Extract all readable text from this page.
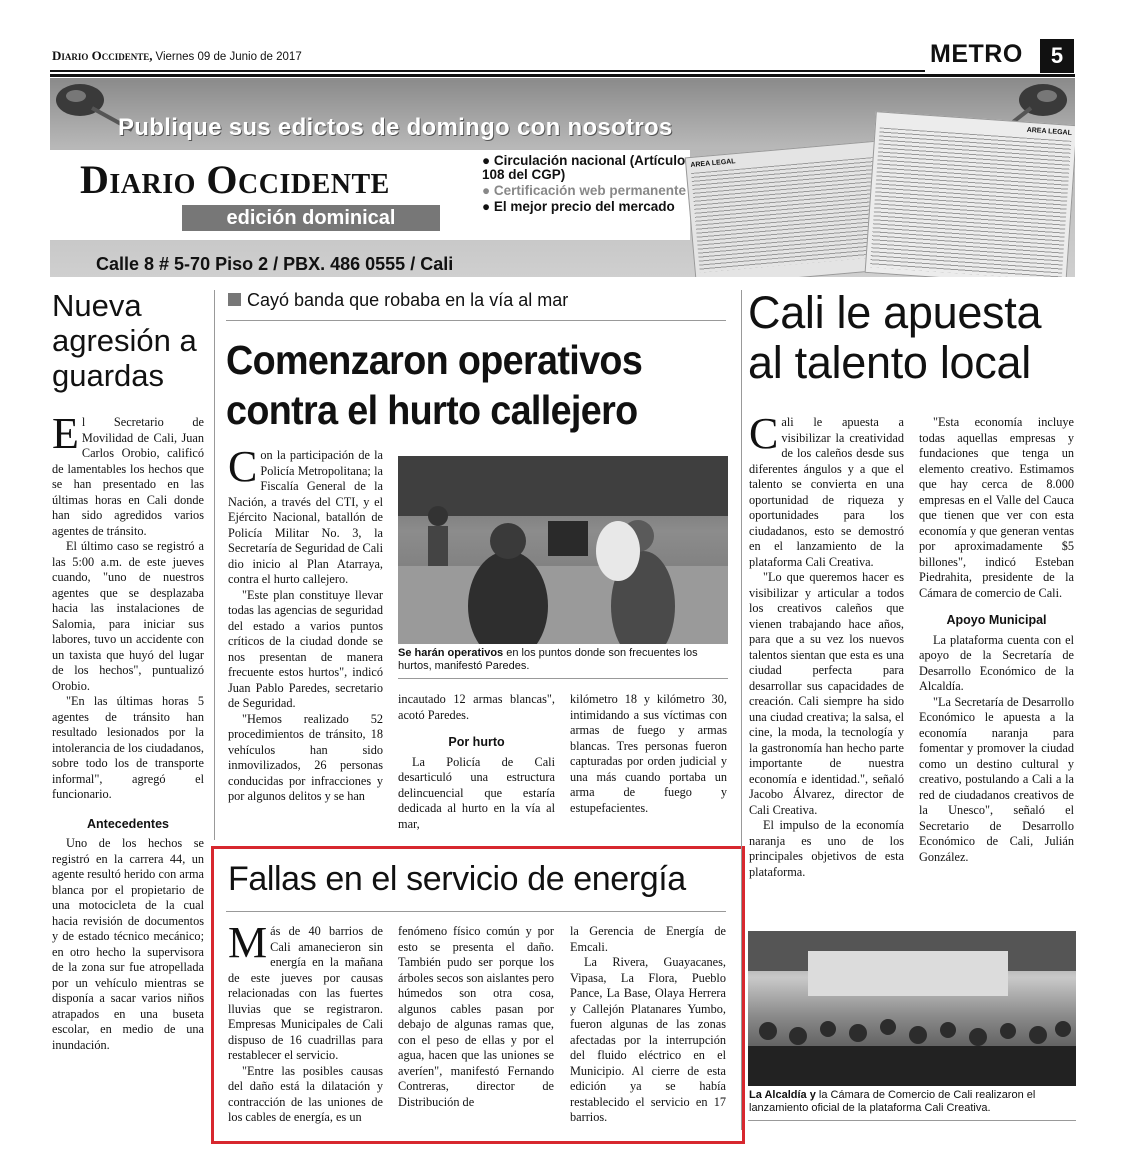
Diario Occidente, Viernes 09 de Junio de 2017	METRO	5
Publique sus edictos de domingo con nosotros
Diario Occidente
edición dominical
● Circulación nacional (Artículo 108 del CGP)
● Certificación web permanente
● El mejor precio del mercado
Calle 8 # 5-70 Piso 2 / PBX. 486 0555 / Cali
AREA LEGAL
AREA LEGAL
Nueva agresión a guardas

El Secretario de Movilidad de Cali, Juan Carlos Orobio, calificó de lamentables los hechos que se han presentado en las últimas horas en Cali donde han sido agredidos varios agentes de tránsito.

El último caso se registró a las 5:00 a.m. de este jueves cuando, "uno de nuestros agentes que se desplazaba hacia las instalaciones de Salomia, para iniciar sus labores, tuvo un accidente con un taxista que huyó del lugar de los hechos", puntualizó Orobio.

"En las últimas horas 5 agentes de tránsito han resultado lesionados por la intolerancia de los ciudadanos, sobre todo los de transporte informal", agregó el funcionario.

Antecedentes

Uno de los hechos se registró en la carrera 44, un agente resultó herido con arma blanca por el propietario de una motocicleta de la cual hacia revisión de documentos y de estado técnico mecánico; en otro hecho la supervisora de la zona sur fue atropellada por un vehículo mientras se disponía a sacar varios niños atrapados en una buseta escolar, en medio de una inundación.

Cayó banda que robaba en la vía al mar
Comenzaron operativos contra el hurto callejero

Con la participación de la Policía Metropolitana; la Fiscalía General de la Nación, a través del CTI, y el Ejército Nacional, batallón de Policía Militar No. 3, la Secretaría de Seguridad de Cali dio inicio al Plan Atarraya, contra el hurto callejero.

"Este plan constituye llevar todas las agencias de seguridad del estado a varios puntos críticos de la ciudad donde se nos presentan de manera frecuente estos hurtos", indicó Juan Pablo Paredes, secretario de Seguridad.

"Hemos realizado 52 procedimientos de tránsito, 18 vehículos han sido inmovilizados, 26 personas conducidas por infracciones y por algunos delitos y se han

Se harán operativos en los puntos donde son frecuentes los hurtos, manifestó Paredes.

incautado 12 armas blancas", acotó Paredes.

Por hurto

La Policía de Cali desarticuló una estructura delincuencial que estaría dedicada al hurto en la vía al mar,

kilómetro 18 y kilómetro 30, intimidando a sus víctimas con armas de fuego y armas blancas. Tres personas fueron capturadas por orden judicial y una más cuando portaba un arma de fuego y estupefacientes.

Fallas en el servicio de energía

Más de 40 barrios de Cali amanecieron sin energía en la mañana de este jueves por causas relacionadas con las fuertes lluvias que se registraron. Empresas Municipales de Cali dispuso de 16 cuadrillas para restablecer el servicio.

"Entre las posibles causas del daño está la dilatación y contracción de las uniones de los cables de energía, es un

fenómeno físico común y por esto se presenta el daño. También pudo ser porque los árboles secos son aislantes pero húmedos son otra cosa, algunos cables pasan por debajo de algunas ramas que, con el peso de ellas y por el agua, hacen que las uniones se averíen", manifestó Fernando Contreras, director de Distribución de

la Gerencia de Energía de Emcali.

La Rivera, Guayacanes, Vipasa, La Flora, Pueblo Pance, La Base, Olaya Herrera y Callejón Platanares Yumbo, fueron algunas de las zonas afectadas por la interrupción del fluido eléctrico en el Municipio. Al cierre de esta edición ya se había restablecido el servicio en 17 barrios.

Cali le apuesta al talento local

Cali le apuesta a visibilizar la creatividad de los caleños desde sus diferentes ángulos y a que el talento se convierta en una oportunidad de riqueza y oportunidades para los ciudadanos, esto se demostró en el lanzamiento de la plataforma Cali Creativa.

"Lo que queremos hacer es visibilizar y articular a todos los creativos caleños que vienen trabajando hace años, para que a su vez los nuevos talentos sientan que esta es una ciudad perfecta para desarrollar sus capacidades de creación. Cali siempre ha sido una ciudad creativa; la salsa, el cine, la moda, la tecnología y la gastronomía han hecho parte importante de nuestra economía e identidad.", señaló Jacobo Álvarez, director de Cali Creativa.

El impulso de la economía naranja es uno de los principales objetivos de esta plataforma.

"Esta economía incluye todas aquellas empresas y fundaciones que tenga un elemento creativo. Estimamos que hay cerca de 8.000 empresas en el Valle del Cauca que tienen que ver con esta economía y que generan ventas por aproximadamente $5 billones", indicó Esteban Piedrahita, presidente de la Cámara de comercio de Cali.

Apoyo Municipal

La plataforma cuenta con el apoyo de la Secretaría de Desarrollo Económico de la Alcaldía.

"La Secretaría de Desarrollo Económico le apuesta a la economía naranja para fomentar y promover la ciudad como un destino cultural y creativo, postulando a Cali a la red de ciudadanos creativos de la Unesco", señaló el Secretario de Desarrollo Económico de Cali, Julián González.

La Alcaldía y la Cámara de Comercio de Cali realizaron el lanzamiento oficial de la plataforma Cali Creativa.
